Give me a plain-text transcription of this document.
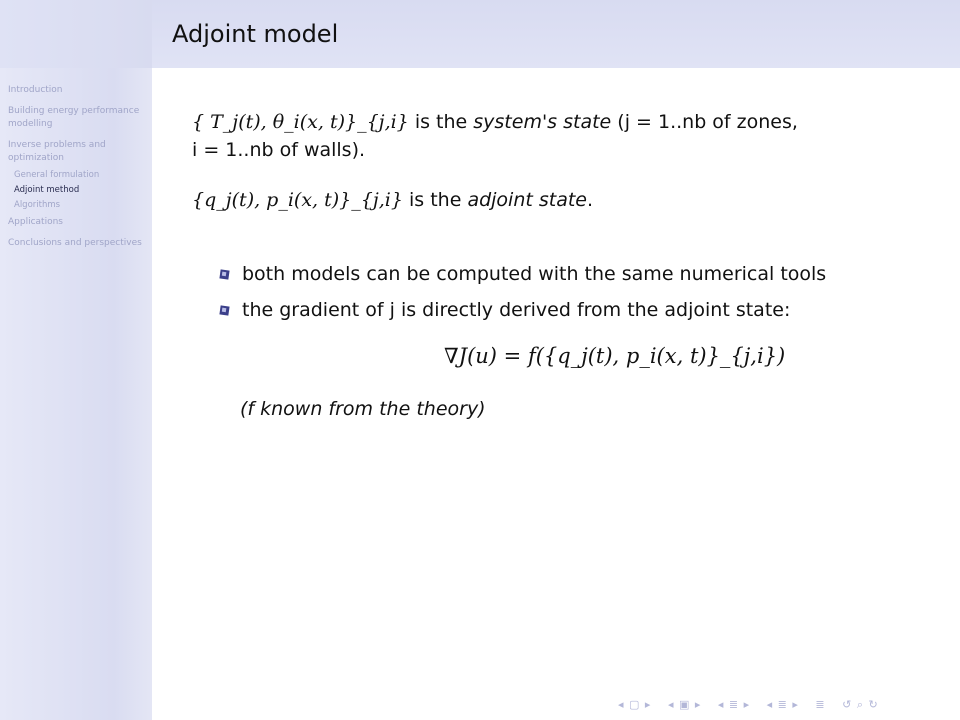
Adjoint model
Introduction
Building energy performance modelling
Inverse problems and optimization
General formulation
Adjoint method
Algorithms
Applications
Conclusions and perspectives

{ T_j(t), θ_i(x, t)}_{j,i} is the system's state (j = 1..nb of zones,
i = 1..nb of walls).

{q_j(t), p_i(x, t)}_{j,i} is the adjoint state.

both models can be computed with the same numerical tools
the gradient of j is directly derived from the adjoint state:
∇J(u) = f({q_j(t), p_i(x, t)}_{j,i})
(f known from the theory)
◂ ▢ ▸ ◂ ▣ ▸ ◂ ≣ ▸ ◂ ≣ ▸ ≣ ↺ ⌕ ↻
